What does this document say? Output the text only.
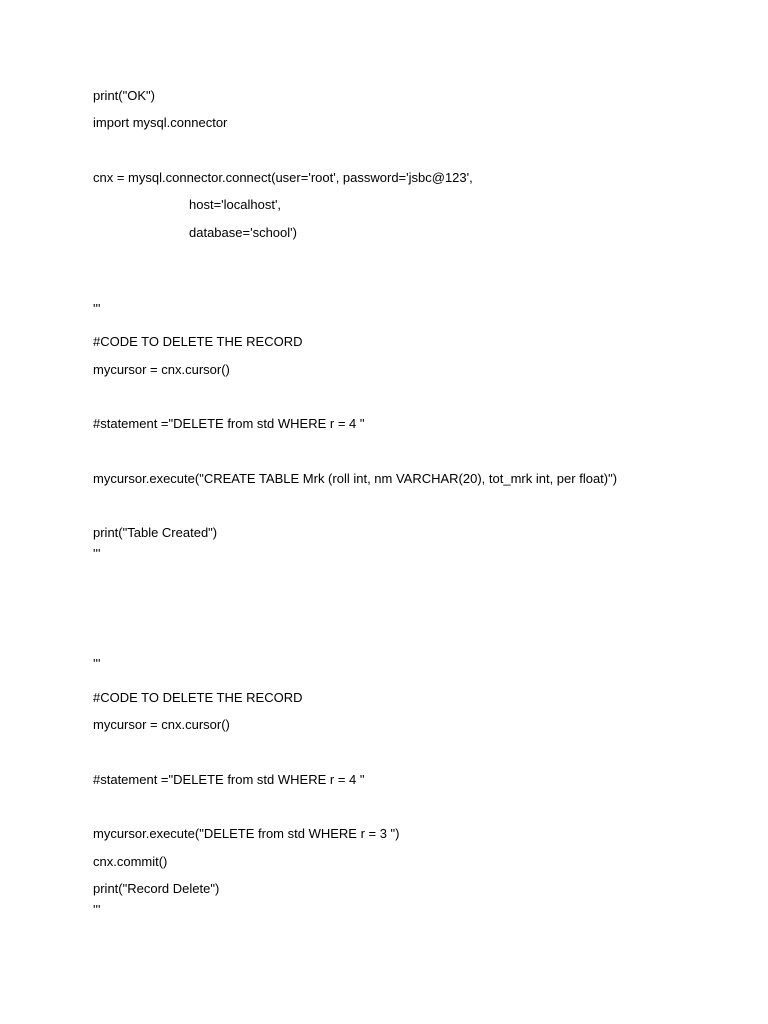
print("OK")
import mysql.connector
cnx = mysql.connector.connect(user='root', password='jsbc@123',
host='localhost',
database='school')
'''
#CODE TO DELETE THE RECORD
mycursor = cnx.cursor()
#statement ="DELETE from std WHERE r = 4 "
mycursor.execute("CREATE TABLE Mrk (roll int, nm VARCHAR(20), tot_mrk int, per float)")
print("Table Created")
'''
'''
#CODE TO DELETE THE RECORD
mycursor = cnx.cursor()
#statement ="DELETE from std WHERE r = 4 "
mycursor.execute("DELETE from std WHERE r = 3 ")
cnx.commit()
print("Record Delete")
'''
